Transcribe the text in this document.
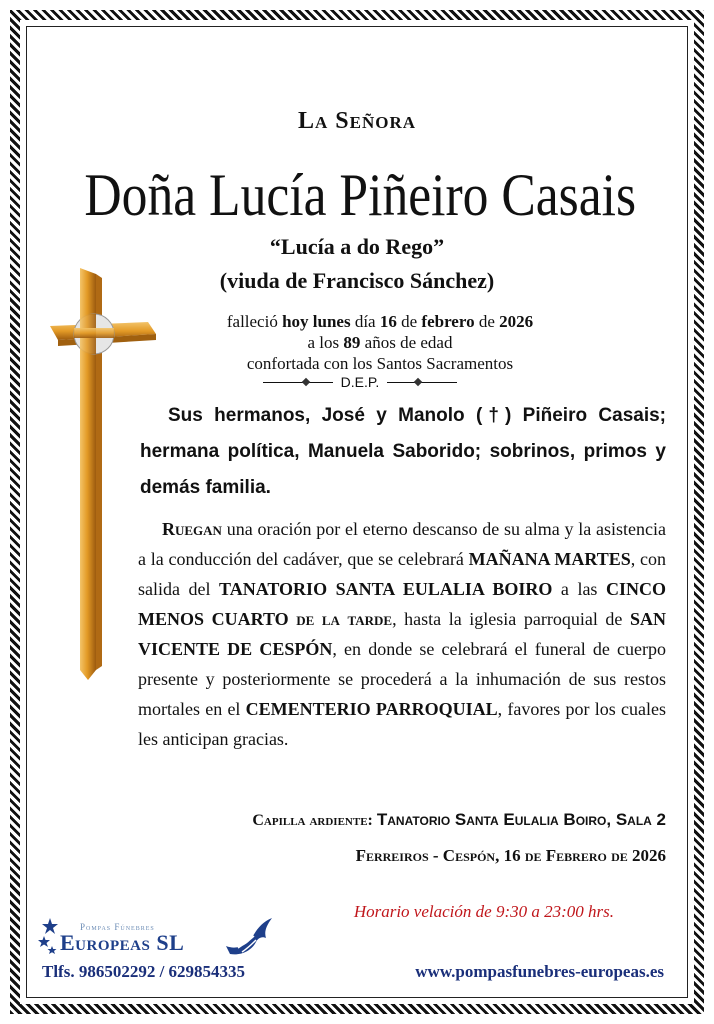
La Señora
Doña Lucía Piñeiro Casais
“Lucía a do Rego”
(viuda de Francisco Sánchez)
falleció hoy lunes día 16 de febrero de 2026
a los 89 años de edad
confortada con los Santos Sacramentos
D.E.P.
Sus hermanos, José y Manolo (†) Piñeiro Casais; hermana política, Manuela Saborido; sobrinos, primos y demás familia.
Ruegan una oración por el eterno descanso de su alma y la asistencia a la conducción del cadáver, que se celebrará MAÑANA MARTES, con salida del TANATORIO SANTA EULALIA BOIRO a las CINCO MENOS CUARTO de la tarde, hasta la iglesia parroquial de SAN VICENTE DE CESPÓN, en donde se celebrará el funeral de cuerpo presente y posteriormente se procederá a la inhumación de sus restos mortales en el CEMENTERIO PARROQUIAL, favores por los cuales les anticipan gracias.
Capilla ardiente: Tanatorio Santa Eulalia Boiro, Sala 2
Ferreiros - Cespón, 16 de Febrero de 2026
Horario velación de 9:30 a 23:00 hrs.
Pompas Fúnebres
Europeas SL
Tlfs. 986502292 / 629854335	www.pompasfunebres-europeas.es
